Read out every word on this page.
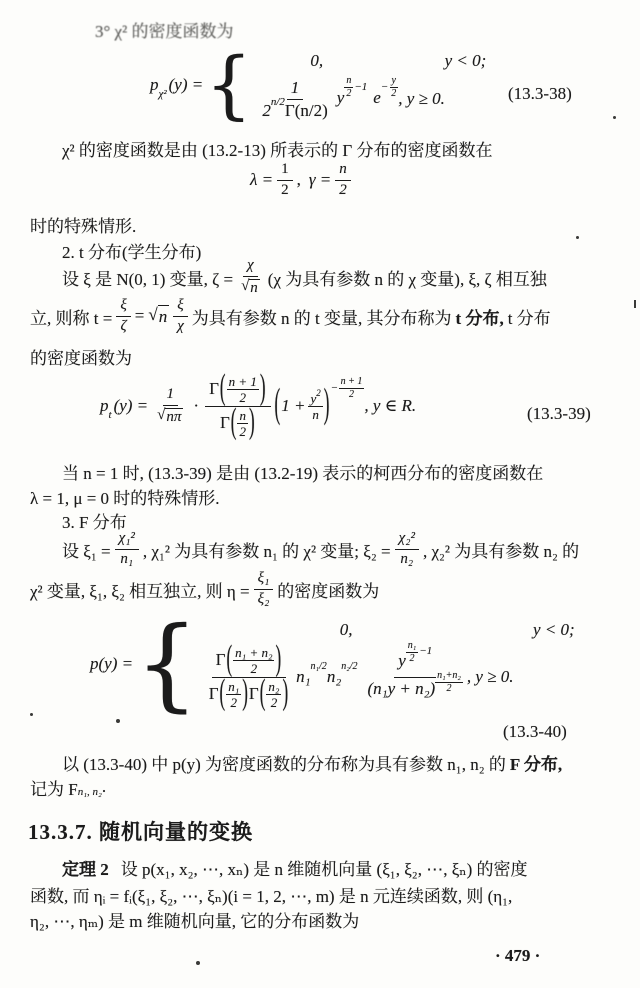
3° χ² 的密度函数为
p χ² (y) = {	0,	y < 0;
$\frac{1}{2 n/2 \Gamma(n/2)}$ y $\frac{n}{2} -1$
e
− $\frac{y}{2}$ , y ≥ 0.	(13.3-38)
χ² 的密度函数是由 (13.2-13) 所表示的 Γ 分布的密度函数在
$\lambda = \frac{1}{2}$ , $\gamma = \frac{n}{2}$
时的特殊情形.
2. t 分布(学生分布)
设 ξ 是 N(0, 1) 变量, $\zeta = \frac{\chi}{√ n} (\chi$ 为具有参数 n 的 χ 变量), ξ, ζ 相互独
立, 则称 $t = \frac{\xi}{\zeta}$ = √ n $\frac{\xi}{\chi}$ 为具有参数 n 的 t 变量, 其分布称为 t 分布, t 分布
的密度函数为
p t $(y) = \frac{1}{√ n\pi}$ ·
Γ ( $\frac{n + 1}{2}$ )
Γ ( $\frac{n}{2}$ ) ( $1 + \frac{y 2}{n}$ ) − $\frac{n + 1}{2}$
, y ∈ R.	(13.3-39)
当 n = 1 时, (13.3-39) 是由 (13.2-19) 表示的柯西分布的密度函数在
λ = 1, μ = 0 时的特殊情形.
3. F 分布
设 $\xi_1 = \frac{\text{χ₁²}}{\text{n₁}}$ , χ₁² 为具有参数 n₁ 的 χ² 变量; $\xi_2 = \frac{\text{χ₂²}}{\text{n₂}}$ , χ₂² 为具有参数 n₂ 的
χ² 变量, ξ₁, ξ₂ 相互独立, 则 $\eta = \frac{\text{ξ₁}}{\text{ξ₂}}$ 的密度函数为
p(y) = {	0,	y < 0;
Γ ( $\frac{\text{n₁ + n₂}}{2}$ )
Γ ( $\frac{\text{n₁}}{2}$ ) Γ ( $\frac{\text{n₂}}{2}$ ) n₁
n₁/2
n₂
n₂/2 y $\frac{\text{n₁}}{2} -1$
$(n_1y + n_2) \frac{\text{n₁+n₂}}{2}$ , y ≥ 0.
(13.3-40)
以 (13.3-40) 中 p(y) 为密度函数的分布称为具有参数 n₁, n₂ 的 F 分布,
记为 F n₁, n₂ .
13.3.7. 随机向量的变换
定理 2 设 p(x₁, x₂, ⋯, xₙ) 是 n 维随机向量 (ξ₁, ξ₂, ⋯, ξₙ) 的密度
函数, 而 ηᵢ = fᵢ(ξ₁, ξ₂, ⋯, ξₙ)(i = 1, 2, ⋯, m) 是 n 元连续函数, 则 (η₁,
η₂, ⋯, ηₘ) 是 m 维随机向量, 它的分布函数为
· 479 ·
